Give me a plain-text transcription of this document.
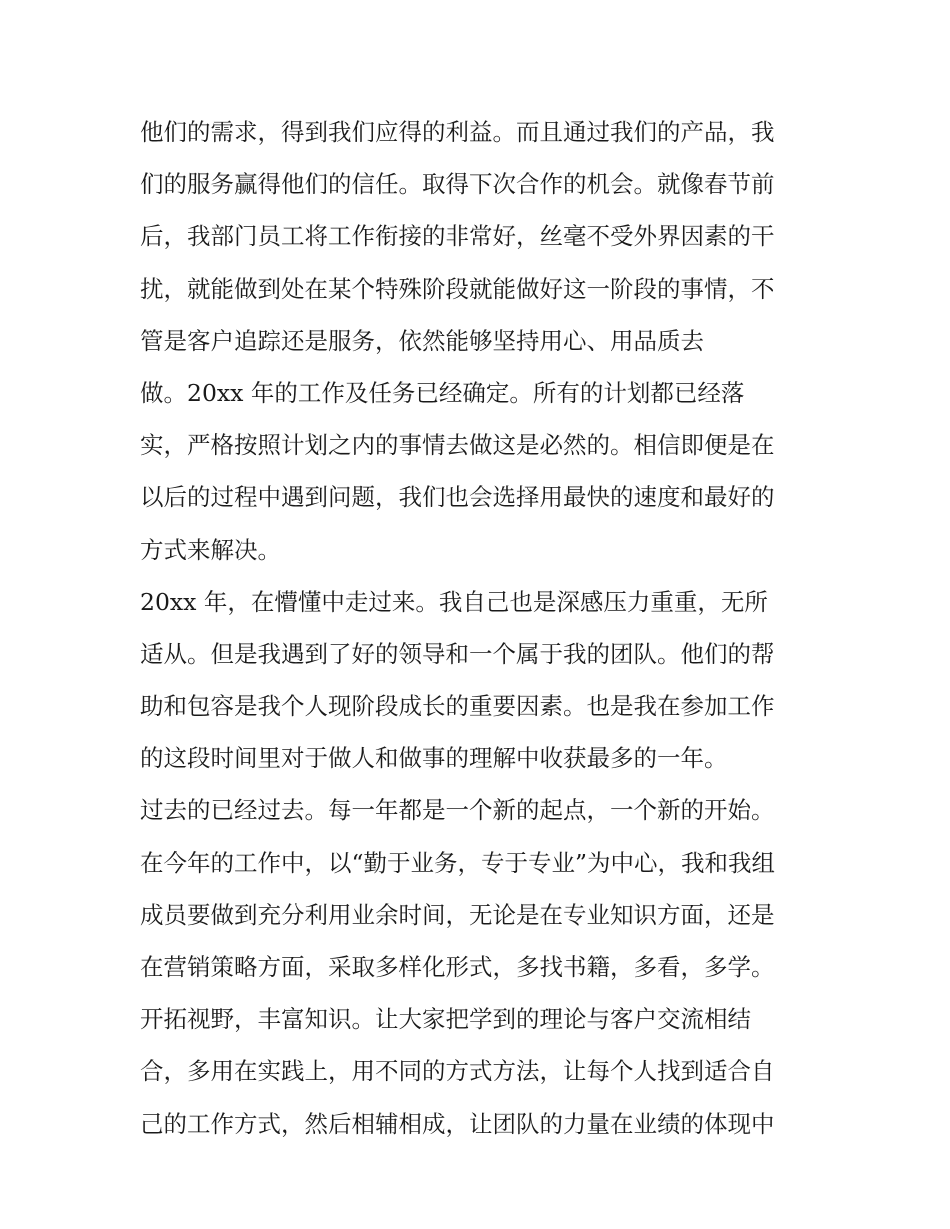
他们的需求，得到我们应得的利益。而且通过我们的产品，我
们的服务赢得他们的信任。取得下次合作的机会。就像春节前
后，我部门员工将工作衔接的非常好，丝毫不受外界因素的干
扰，就能做到处在某个特殊阶段就能做好这一阶段的事情，不
管是客户追踪还是服务，依然能够坚持用心、用品质去
做。20xx 年的工作及任务已经确定。所有的计划都已经落
实，严格按照计划之内的事情去做这是必然的。相信即便是在
以后的过程中遇到问题，我们也会选择用最快的速度和最好的
方式来解决。
20xx 年，在懵懂中走过来。我自己也是深感压力重重，无所
适从。但是我遇到了好的领导和一个属于我的团队。他们的帮
助和包容是我个人现阶段成长的重要因素。也是我在参加工作
的这段时间里对于做人和做事的理解中收获最多的一年。
过去的已经过去。每一年都是一个新的起点，一个新的开始。
在今年的工作中，以“勤于业务，专于专业”为中心，我和我组
成员要做到充分利用业余时间，无论是在专业知识方面，还是
在营销策略方面，采取多样化形式，多找书籍，多看，多学。
开拓视野，丰富知识。让大家把学到的理论与客户交流相结
合，多用在实践上，用不同的方式方法，让每个人找到适合自
己的工作方式，然后相辅相成，让团队的力量在业绩的体现中
